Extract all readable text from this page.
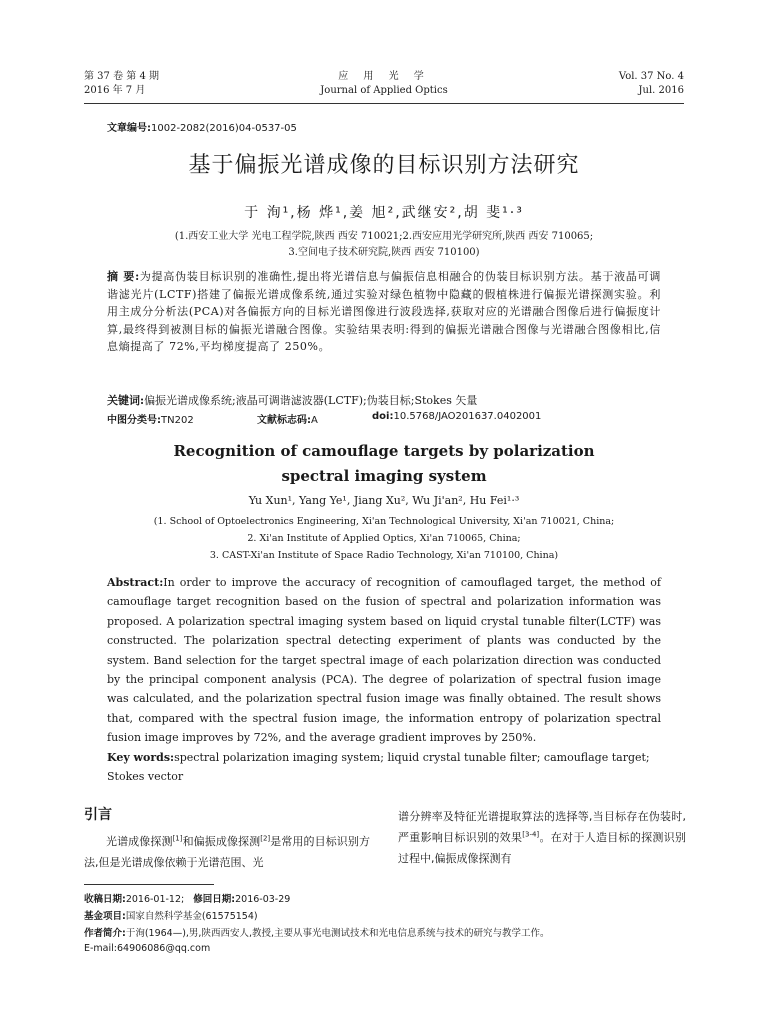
第 37 卷 第 4 期
2016 年 7 月
应 用 光 学
Journal of Applied Optics
Vol. 37 No. 4
Jul. 2016
文章编号:1002-2082(2016)04-0537-05
基于偏振光谱成像的目标识别方法研究
于 洵¹,杨 烨¹,姜 旭²,武继安²,胡 斐¹·³
(1.西安工业大学 光电工程学院,陕西 西安 710021;2.西安应用光学研究所,陕西 西安 710065;
3.空间电子技术研究院,陕西 西安 710100)
摘 要:为提高伪装目标识别的准确性,提出将光谱信息与偏振信息相融合的伪装目标识别方法。基于液晶可调谐滤光片(LCTF)搭建了偏振光谱成像系统,通过实验对绿色植物中隐藏的假植株进行偏振光谱探测实验。利用主成分分析法(PCA)对各偏振方向的目标光谱图像进行波段选择,获取对应的光谱融合图像后进行偏振度计算,最终得到被测目标的偏振光谱融合图像。实验结果表明:得到的偏振光谱融合图像与光谱融合图像相比,信息熵提高了 72%,平均梯度提高了 250%。
关键词:偏振光谱成像系统;液晶可调谐滤波器(LCTF);伪装目标;Stokes 矢量
中图分类号:TN202	文献标志码:A	doi:10.5768/JAO201637.0402001
Recognition of camouflage targets by polarization
spectral imaging system
Yu Xun¹, Yang Ye¹, Jiang Xu², Wu Ji'an², Hu Fei¹·³
(1. School of Optoelectronics Engineering, Xi'an Technological University, Xi'an 710021, China;
2. Xi'an Institute of Applied Optics, Xi'an 710065, China;
3. CAST-Xi'an Institute of Space Radio Technology, Xi'an 710100, China)
Abstract:In order to improve the accuracy of recognition of camouflaged target, the method of camouflage target recognition based on the fusion of spectral and polarization information was proposed. A polarization spectral imaging system based on liquid crystal tunable filter(LCTF) was constructed. The polarization spectral detecting experiment of plants was conducted by the system. Band selection for the target spectral image of each polarization direction was conducted by the principal component analysis (PCA). The degree of polarization of spectral fusion image was calculated, and the polarization spectral fusion image was finally obtained. The result shows that, compared with the spectral fusion image, the information entropy of polarization spectral fusion image improves by 72%, and the average gradient improves by 250%.
Key words:spectral polarization imaging system; liquid crystal tunable filter; camouflage target; Stokes vector
引言

光谱成像探测[1]和偏振成像探测[2]是常用的目标识别方法,但是光谱成像依赖于光谱范围、光

谱分辨率及特征光谱提取算法的选择等,当目标存在伪装时,严重影响目标识别的效果[3-4]。在对于人造目标的探测识别过程中,偏振成像探测有

收稿日期:2016-01-12; 修回日期:2016-03-29
基金项目:国家自然科学基金(61575154)
作者简介:于洵(1964—),男,陕西西安人,教授,主要从事光电测试技术和光电信息系统与技术的研究与教学工作。
E-mail:64906086@qq.com
